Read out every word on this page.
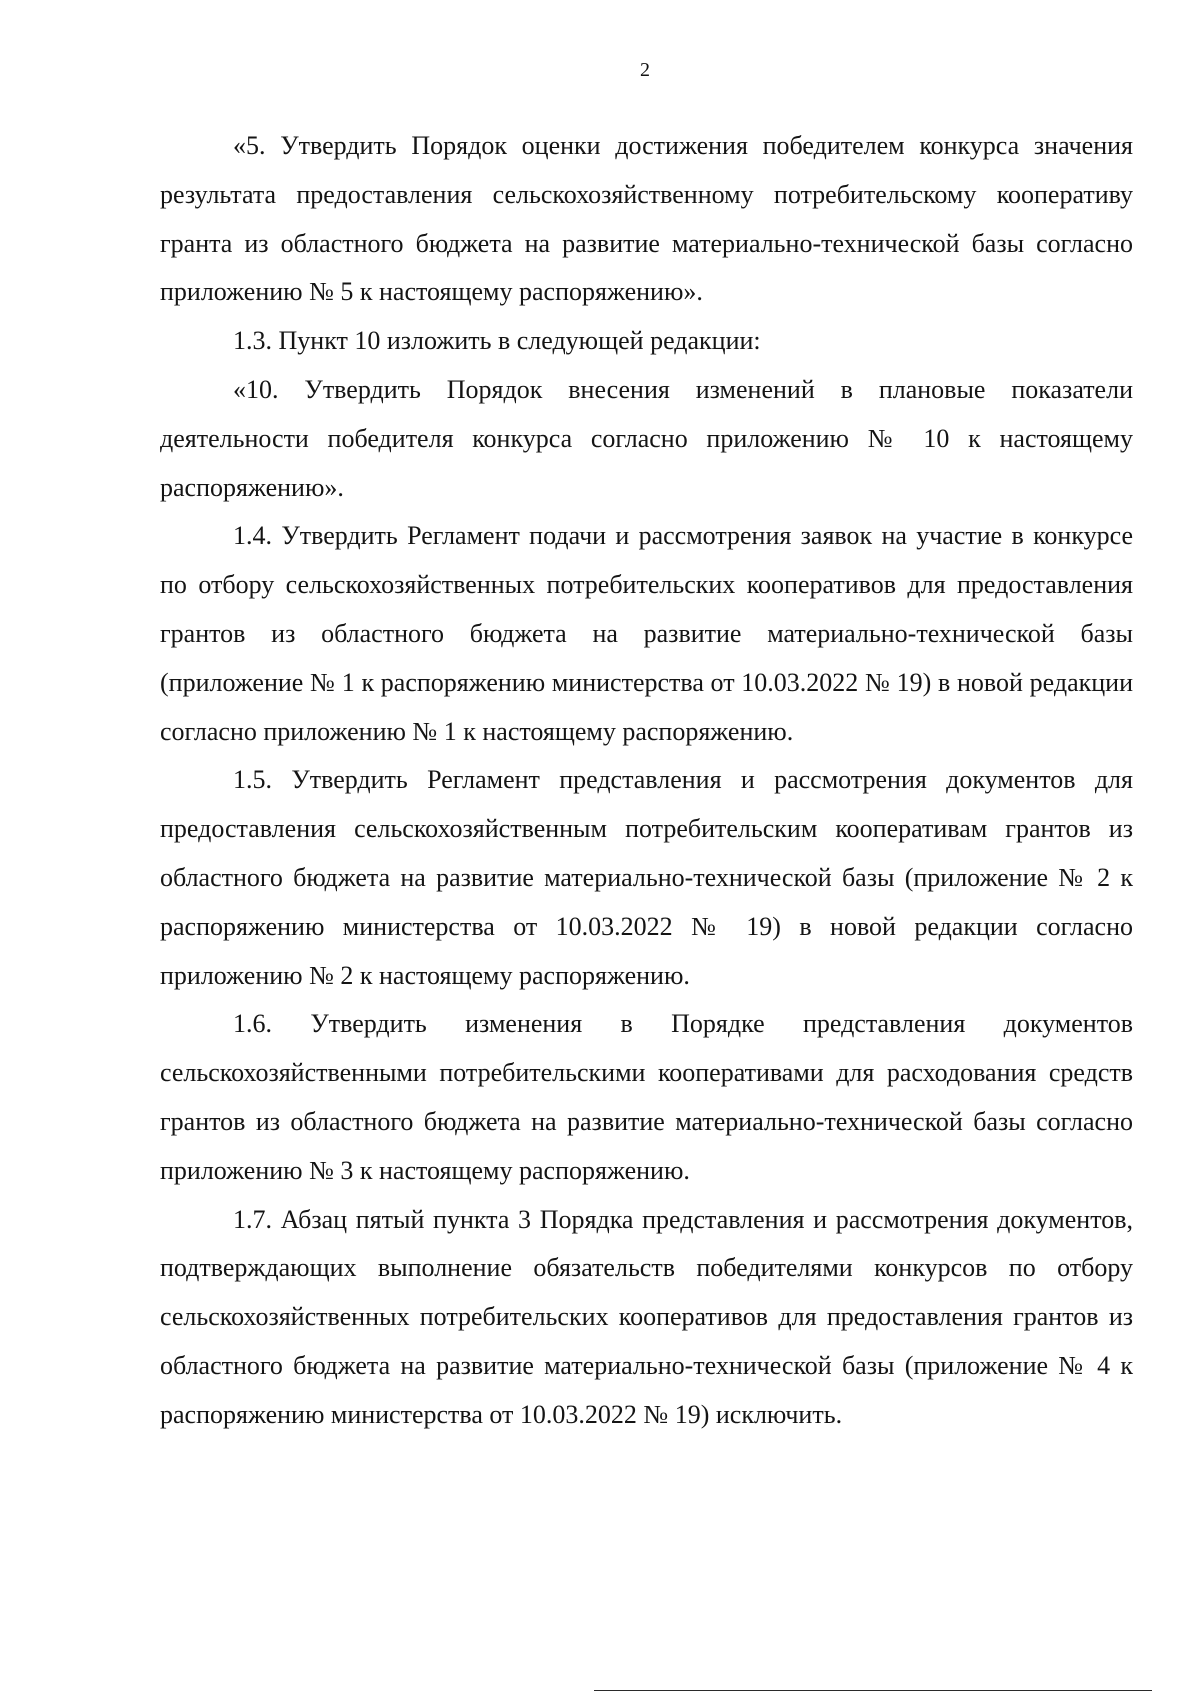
2

«5. Утвердить Порядок оценки достижения победителем конкурса значения результата предоставления сельскохозяйственному потребительскому кооперативу гранта из областного бюджета на развитие материально-технической базы согласно приложению № 5 к настоящему распоряжению».

1.3. Пункт 10 изложить в следующей редакции:

«10. Утвердить Порядок внесения изменений в плановые показатели деятельности победителя конкурса согласно приложению № 10 к настоящему распоряжению».

1.4. Утвердить Регламент подачи и рассмотрения заявок на участие в конкурсе по отбору сельскохозяйственных потребительских кооперативов для предоставления грантов из областного бюджета на развитие материально-технической базы (приложение № 1 к распоряжению министерства от 10.03.2022 № 19) в новой редакции согласно приложению № 1 к настоящему распоряжению.

1.5. Утвердить Регламент представления и рассмотрения документов для предоставления сельскохозяйственным потребительским кооперативам грантов из областного бюджета на развитие материально-технической базы (приложение № 2 к распоряжению министерства от 10.03.2022 № 19) в новой редакции согласно приложению № 2 к настоящему распоряжению.

1.6. Утвердить изменения в Порядке представления документов сельскохозяйственными потребительскими кооперативами для расходования средств грантов из областного бюджета на развитие материально-технической базы согласно приложению № 3 к настоящему распоряжению.

1.7. Абзац пятый пункта 3 Порядка представления и рассмотрения документов, подтверждающих выполнение обязательств победителями конкурсов по отбору сельскохозяйственных потребительских кооперативов для предоставления грантов из областного бюджета на развитие материально-технической базы (приложение № 4 к распоряжению министерства от 10.03.2022 № 19) исключить.
